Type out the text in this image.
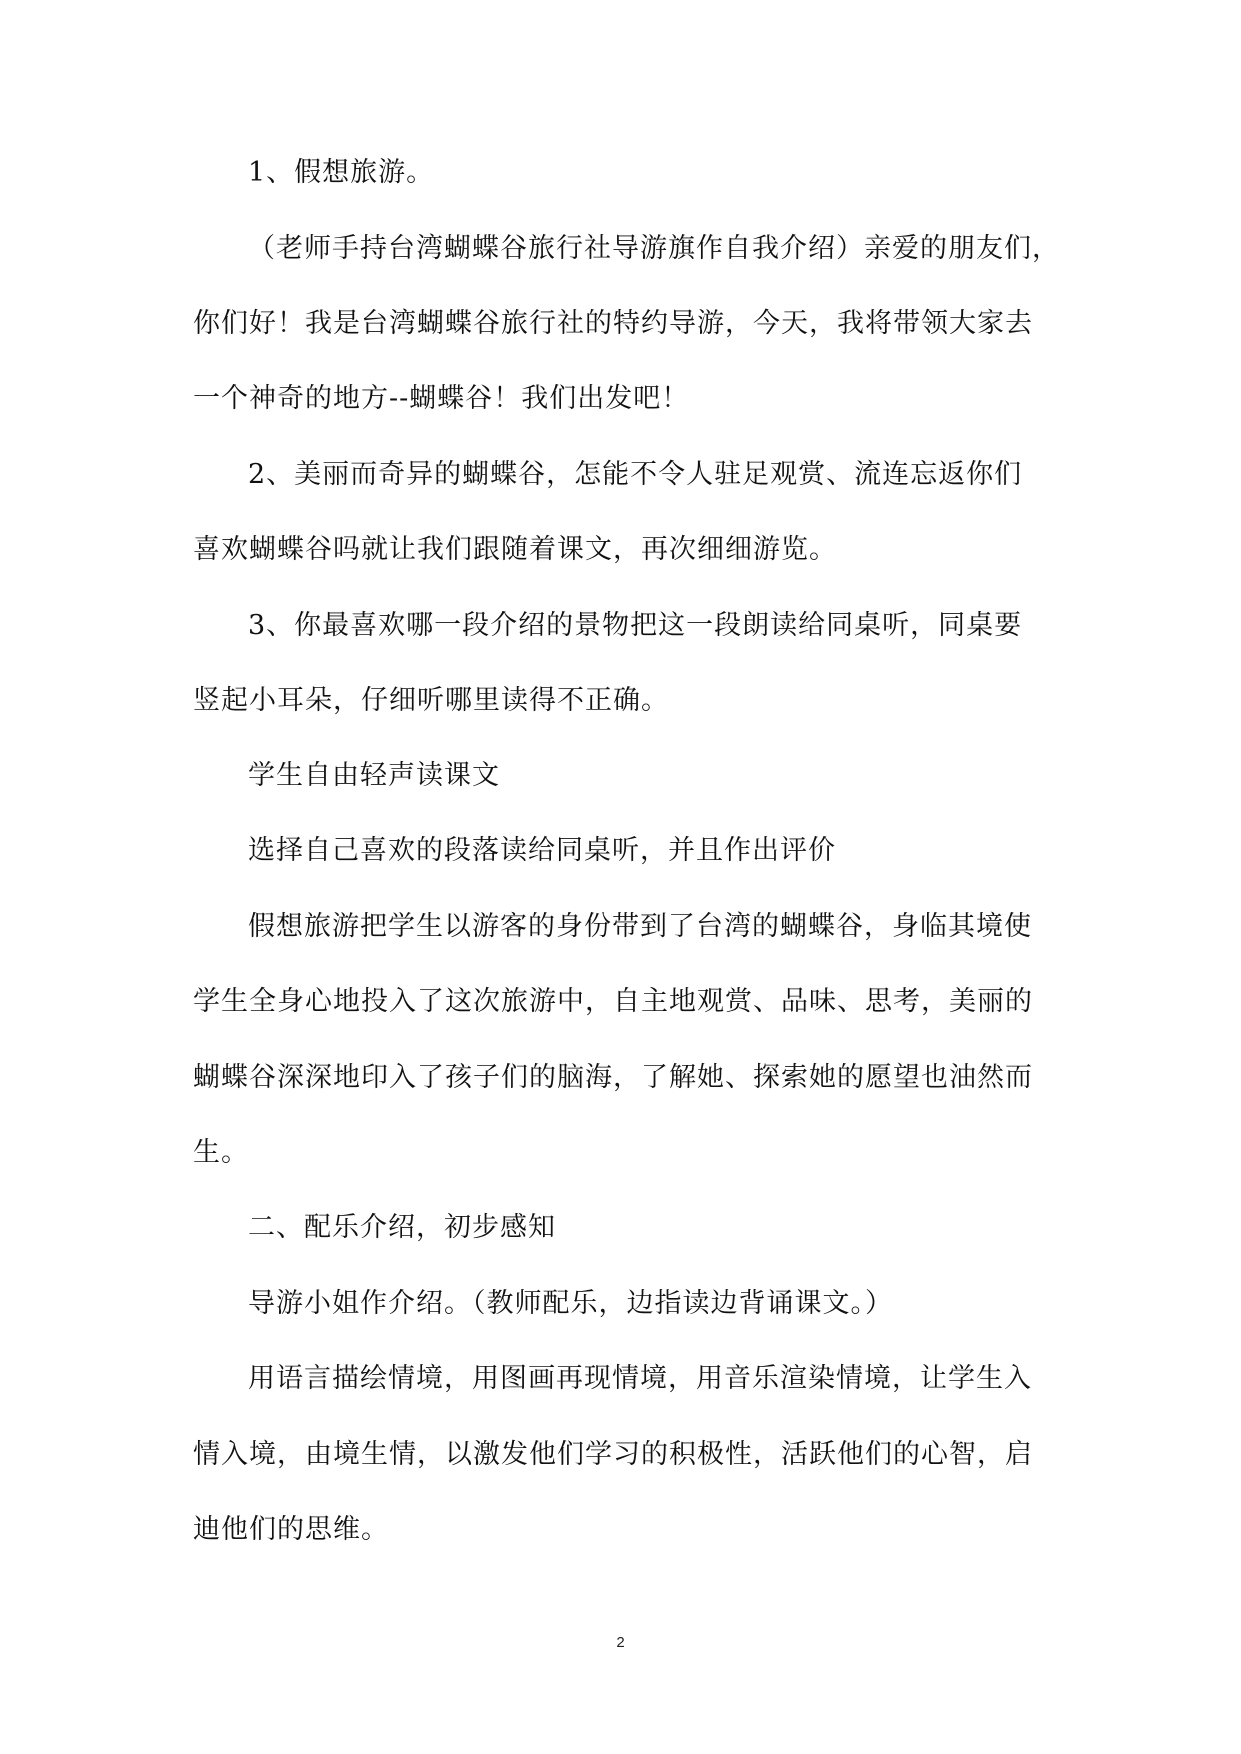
1、假想旅游。
（老师手持台湾蝴蝶谷旅行社导游旗作自我介绍）亲爱的朋友们，
你们好！我是台湾蝴蝶谷旅行社的特约导游，今天，我将带领大家去
一个神奇的地方--蝴蝶谷！我们出发吧！
2、美丽而奇异的蝴蝶谷，怎能不令人驻足观赏、流连忘返你们
喜欢蝴蝶谷吗就让我们跟随着课文，再次细细游览。
3、你最喜欢哪一段介绍的景物把这一段朗读给同桌听，同桌要
竖起小耳朵，仔细听哪里读得不正确。
学生自由轻声读课文
选择自己喜欢的段落读给同桌听，并且作出评价
假想旅游把学生以游客的身份带到了台湾的蝴蝶谷，身临其境使
学生全身心地投入了这次旅游中，自主地观赏、品味、思考，美丽的
蝴蝶谷深深地印入了孩子们的脑海，了解她、探索她的愿望也油然而
生。
二、配乐介绍，初步感知
导游小姐作介绍。（教师配乐，边指读边背诵课文。）
用语言描绘情境，用图画再现情境，用音乐渲染情境，让学生入
情入境，由境生情，以激发他们学习的积极性，活跃他们的心智，启
迪他们的思维。
2
